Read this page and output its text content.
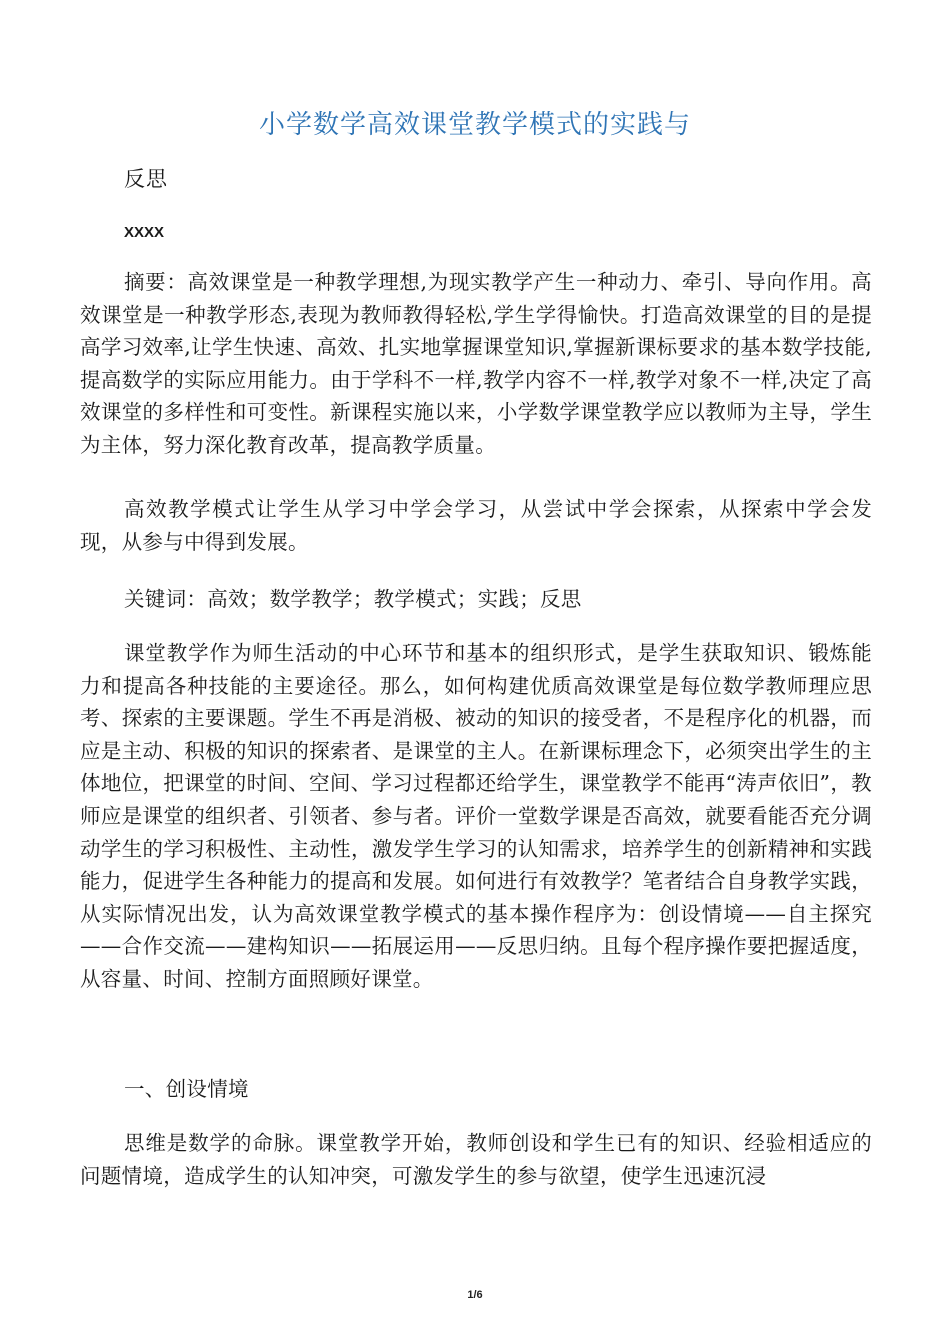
小学数学高效课堂教学模式的实践与
反思
XXXX

摘要：高效课堂是一种教学理想,为现实教学产生一种动力、牵引、导向作用。高效课堂是一种教学形态,表现为教师教得轻松,学生学得愉快。打造高效课堂的目的是提高学习效率,让学生快速、高效、扎实地掌握课堂知识,掌握新课标要求的基本数学技能,提高数学的实际应用能力。由于学科不一样,教学内容不一样,教学对象不一样,决定了高效课堂的多样性和可变性。新课程实施以来，小学数学课堂教学应以教师为主导，学生为主体，努力深化教育改革，提高教学质量。

高效教学模式让学生从学习中学会学习，从尝试中学会探索，从探索中学会发现，从参与中得到发展。

关键词：高效；数学教学；教学模式；实践；反思

课堂教学作为师生活动的中心环节和基本的组织形式，是学生获取知识、锻炼能力和提高各种技能的主要途径。那么，如何构建优质高效课堂是每位数学教师理应思考、探索的主要课题。学生不再是消极、被动的知识的接受者，不是程序化的机器，而应是主动、积极的知识的探索者、是课堂的主人。在新课标理念下，必须突出学生的主体地位，把课堂的时间、空间、学习过程都还给学生，课堂教学不能再“涛声依旧”，教师应是课堂的组织者、引领者、参与者。评价一堂数学课是否高效，就要看能否充分调动学生的学习积极性、主动性，激发学生学习的认知需求，培养学生的创新精神和实践能力，促进学生各种能力的提高和发展。如何进行有效教学？笔者结合自身教学实践，从实际情况出发，认为高效课堂教学模式的基本操作程序为：创设情境——自主探究——合作交流——建构知识——拓展运用——反思归纳。且每个程序操作要把握适度，从容量、时间、控制方面照顾好课堂。

一、创设情境

思维是数学的命脉。课堂教学开始，教师创设和学生已有的知识、经验相适应的问题情境，造成学生的认知冲突，可激发学生的参与欲望，使学生迅速沉浸

1/6
